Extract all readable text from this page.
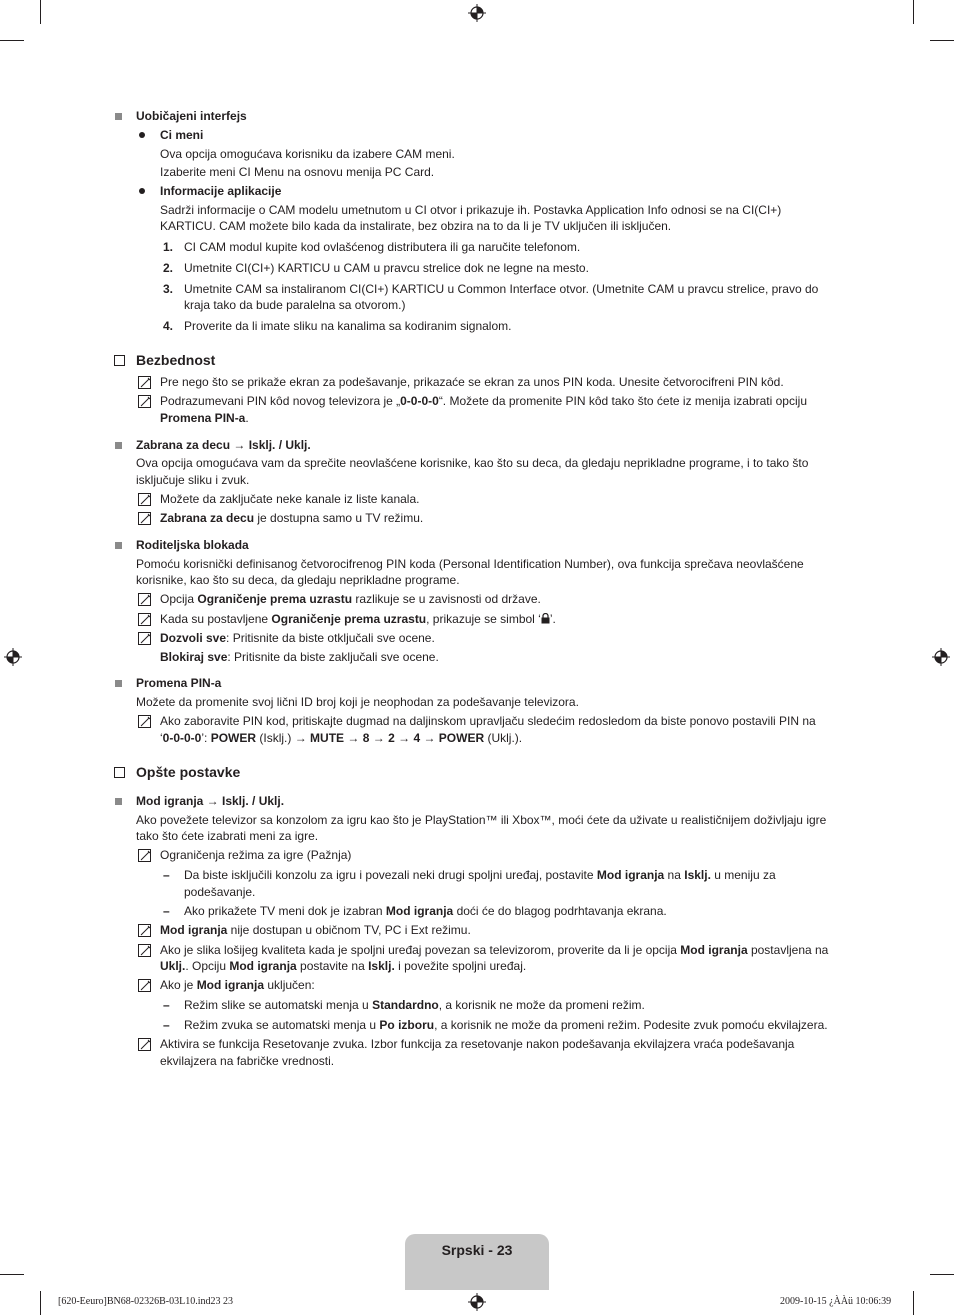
Uobičajeni interfejs
Ci meni
Ova opcija omogućava korisniku da izabere CAM meni.
Izaberite meni CI Menu na osnovu menija PC Card.
Informacije aplikacije
Sadrži informacije o CAM modelu umetnutom u CI otvor i prikazuje ih. Postavka Application Info odnosi se na CI(CI+)
KARTICU. CAM možete bilo kada da instalirate, bez obzira na to da li je TV uključen ili isključen.
1. CI CAM modul kupite kod ovlašćenog distributera ili ga naručite telefonom.
2. Umetnite CI(CI+) KARTICU u CAM u pravcu strelice dok ne legne na mesto.
3. Umetnite CAM sa instaliranom CI(CI+) KARTICU u Common Interface otvor. (Umetnite CAM u pravcu strelice, pravo do
kraja tako da bude paralelna sa otvorom.)
4. Proverite da li imate sliku na kanalima sa kodiranim signalom.
Bezbednost
Pre nego što se prikaže ekran za podešavanje, prikazaće se ekran za unos PIN koda. Unesite četvorocifreni PIN kôd.
Podrazumevani PIN kôd novog televizora je „0-0-0-0“. Možete da promenite PIN kôd tako što ćete iz menija izabrati opciju
Promena PIN-a.
Zabrana za decu → Isklj. / Uklj.
Ova opcija omogućava vam da sprečite neovlašćene korisnike, kao što su deca, da gledaju neprikladne programe, i to tako što
isključuje sliku i zvuk.
Možete da zaključate neke kanale iz liste kanala.
Zabrana za decu je dostupna samo u TV režimu.
Roditeljska blokada
Pomoću korisnički definisanog četvorocifrenog PIN koda (Personal Identification Number), ova funkcija sprečava neovlašćene
korisnike, kao što su deca, da gledaju neprikladne programe.
Opcija Ograničenje prema uzrastu razlikuje se u zavisnosti od države.
Kada su postavljene Ograničenje prema uzrastu, prikazuje se simbol ‘ ’.
Dozvoli sve: Pritisnite da biste otključali sve ocene.
Blokiraj sve: Pritisnite da biste zaključali sve ocene.
Promena PIN-a
Možete da promenite svoj lični ID broj koji je neophodan za podešavanje televizora.
Ako zaboravite PIN kod, pritiskajte dugmad na daljinskom upravljaču sledećim redosledom da biste ponovo postavili PIN na
‘0-0-0-0’: POWER (Isklj.) → MUTE → 8 → 2 → 4 → POWER (Uklj.).
Opšte postavke
Mod igranja → Isklj. / Uklj.
Ako povežete televizor sa konzolom za igru kao što je PlayStation™ ili Xbox™, moći ćete da uživate u realističnijem doživljaju igre
tako što ćete izabrati meni za igre.
Ograničenja režima za igre (Pažnja)
– Da biste isključili konzolu za igru i povezali neki drugi spoljni uređaj, postavite Mod igranja na Isklj. u meniju za
podešavanje.
– Ako prikažete TV meni dok je izabran Mod igranja doći će do blagog podrhtavanja ekrana.
Mod igranja nije dostupan u običnom TV, PC i Ext režimu.
Ako je slika lošijeg kvaliteta kada je spoljni uređaj povezan sa televizorom, proverite da li je opcija Mod igranja postavljena na
Uklj.. Opciju Mod igranja postavite na Isklj. i povežite spoljni uređaj.
Ako je Mod igranja uključen:
– Režim slike se automatski menja u Standardno, a korisnik ne može da promeni režim.
– Režim zvuka se automatski menja u Po izboru, a korisnik ne može da promeni režim. Podesite zvuk pomoću ekvilajzera.
Aktivira se funkcija Resetovanje zvuka. Izbor funkcija za resetovanje nakon podešavanja ekvilajzera vraća podešavanja
ekvilajzera na fabričke vrednosti.
Srpski - 23
[620-Eeuro]BN68-02326B-03L10.ind23 23	2009-10-15 ¿ÀÀü 10:06:39
